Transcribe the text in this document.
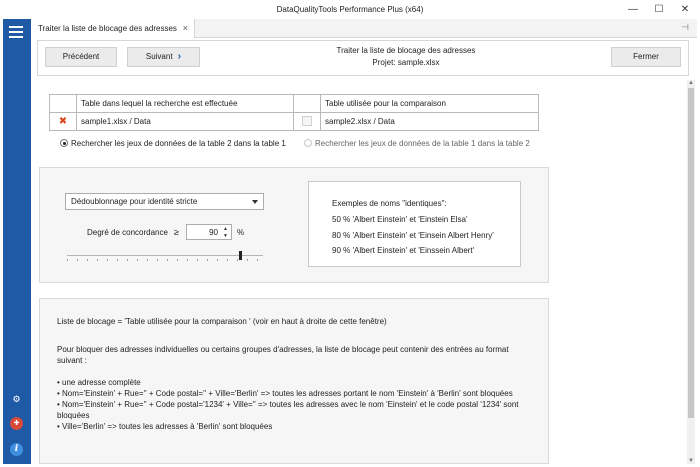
DataQualityTools Performance Plus (x64)	—	☐	✕
⚙
✚
i
Traiter la liste de blocage des adresses ×	⊣
Précédent	Suivant ›
Traiter la liste de blocage des adresses
Projet: sample.xlsx
Fermer
▲
▼
	Table dans lequel la recherche est effectuée		Table utilisée pour la comparaison
✖	sample1.xlsx / Data		sample2.xlsx / Data
Rechercher les jeux de données de la table 2 dans la table 1	Rechercher les jeux de données de la table 1 dans la table 2
Dédoublonnage pour identité stricte
Degré de concordance ≥	90 ▲
▼ %
Exemples de noms "identiques":
50 % 'Albert Einstein' et 'Einstein Elsa'
80 % 'Albert Einstein' et 'Einsein Albert Henry'
90 % 'Albert Einstein' et 'Einssein Albert'
Liste de blocage = 'Table utilisée pour la comparaison ' (voir en haut à droite de cette fenêtre)
Pour bloquer des adresses individuelles ou certains groupes d'adresses, la liste de blocage peut contenir des entrées au format
suivant :
• une adresse complète
• Nom='Einstein' + Rue='' + Code postal='' + Ville='Berlin' => toutes les adresses portant le nom 'Einstein' à 'Berlin' sont bloquées
• Nom='Einstein' + Rue='' + Code postal='1234' + Ville='' => toutes les adresses avec le nom 'Einstein' et le code postal '1234' sont
bloquées
• Ville='Berlin' => toutes les adresses à 'Berlin' sont bloquées
